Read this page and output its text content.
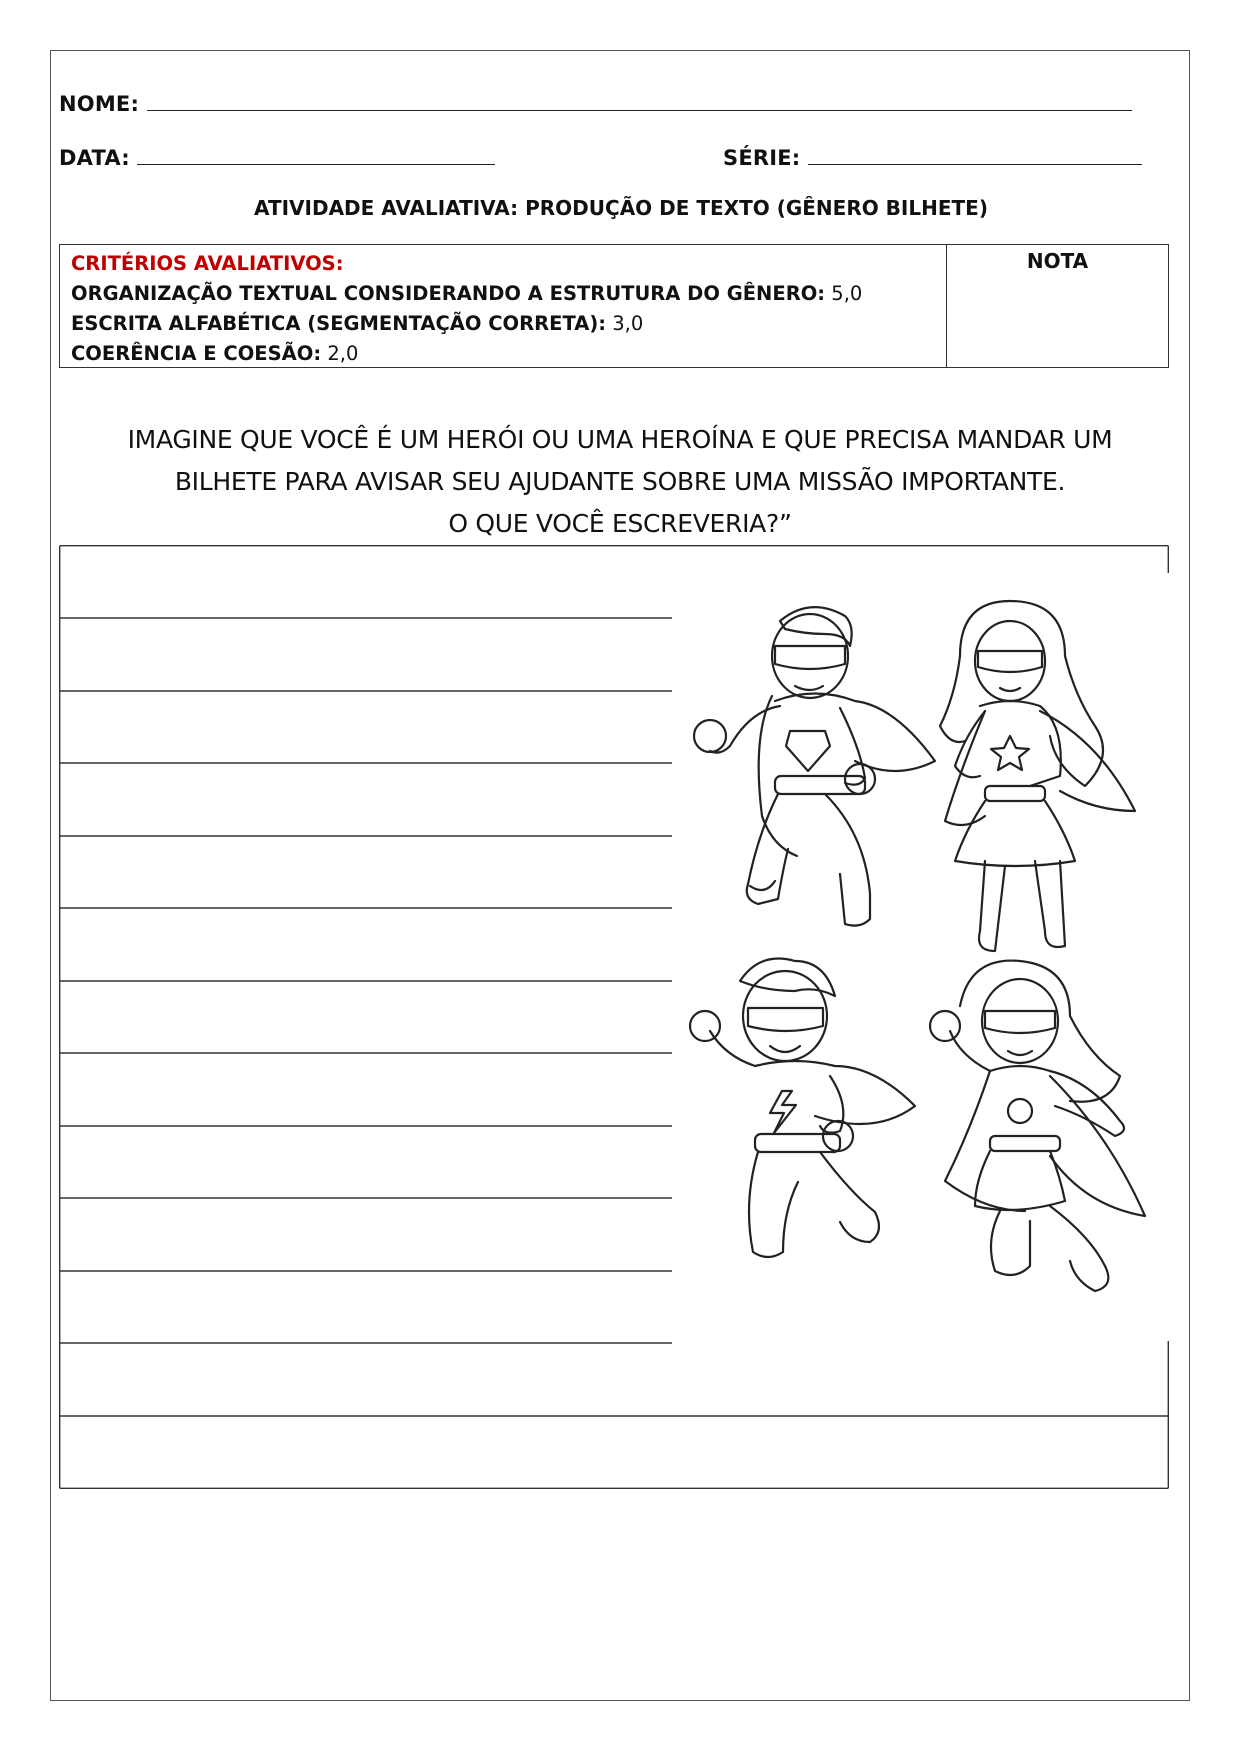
NOME:
DATA:	SÉRIE:
ATIVIDADE AVALIATIVA: PRODUÇÃO DE TEXTO (GÊNERO BILHETE)
CRITÉRIOS AVALIATIVOS:
ORGANIZAÇÃO TEXTUAL CONSIDERANDO A ESTRUTURA DO GÊNERO: 5,0
ESCRITA ALFABÉTICA (SEGMENTAÇÃO CORRETA): 3,0
COERÊNCIA E COESÃO: 2,0
NOTA
IMAGINE QUE VOCÊ É UM HERÓI OU UMA HEROÍNA E QUE PRECISA MANDAR UM
BILHETE PARA AVISAR SEU AJUDANTE SOBRE UMA MISSÃO IMPORTANTE.
O QUE VOCÊ ESCREVERIA?”
